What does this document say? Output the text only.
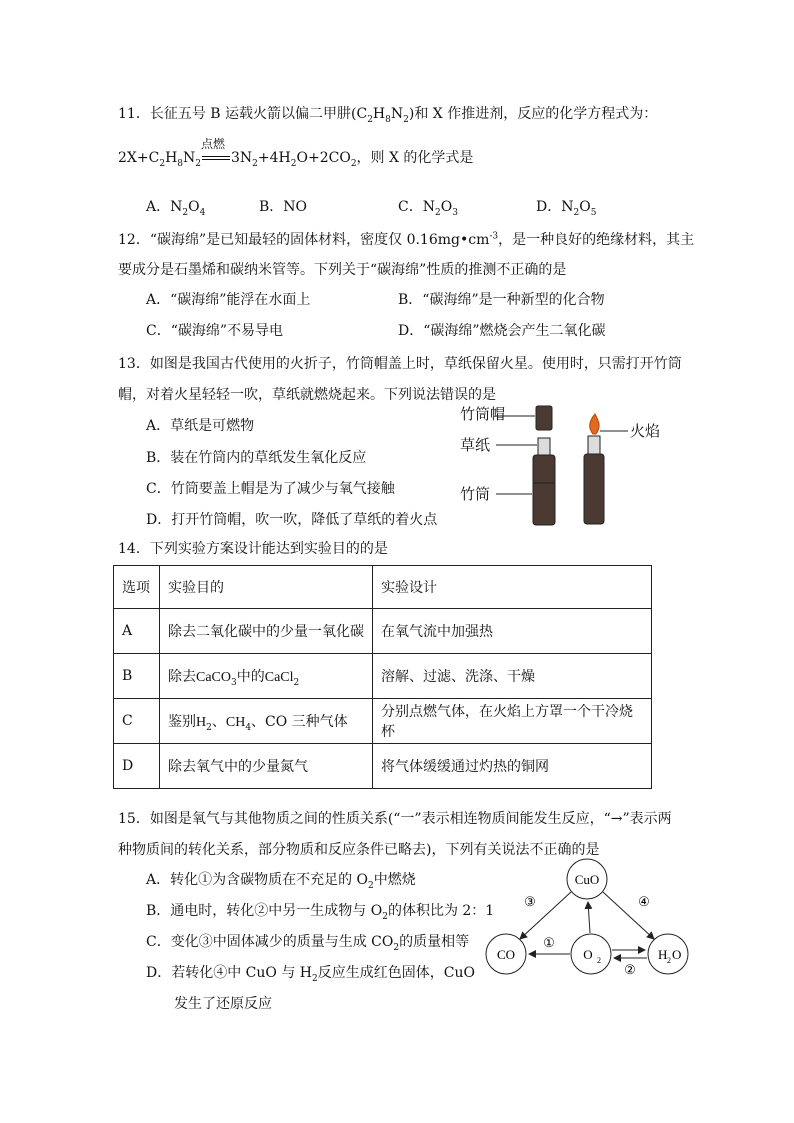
11．长征五号 B 运载火箭以偏二甲肼$(C_2H_8N_2)$和 X 作推进剂，反应的化学方程式为：
$2X+C_2H_8N_2$
点燃
$3N_2+4H_2O+2CO_2$，则 X 的化学式是
A．$N_2O_4$	B．NO	C．$N_2O_3$	D．$N_2O_5$
12．“碳海绵”是已知最轻的固体材料，密度仅 $0.16mg•cm^{-3}$，是一种良好的绝缘材料，其主
要成分是石墨烯和碳纳米管等。下列关于“碳海绵”性质的推测不正确的是
A．“碳海绵”能浮在水面上	B．“碳海绵”是一种新型的化合物
C．“碳海绵”不易导电	D．“碳海绵”燃烧会产生二氧化碳
13．如图是我国古代使用的火折子，竹筒帽盖上时，草纸保留火星。使用时，只需打开竹筒
帽，对着火星轻轻一吹，草纸就燃烧起来。下列说法错误的是
A．草纸是可燃物
B．装在竹筒内的草纸发生氧化反应
C．竹筒要盖上帽是为了减少与氧气接触
D．打开竹筒帽，吹一吹，降低了草纸的着火点
竹筒帽
草纸
竹筒
火焰
14．下列实验方案设计能达到实验目的的是
选项	实验目的	实验设计
A	除去二氧化碳中的少量一氧化碳	在氧气流中加强热
B	除去CaCO$_3$中的CaCl$_2$	溶解、过滤、洗涤、干燥
C	鉴别$H_2$、$CH_4$、CO 三种气体	分别点燃气体，在火焰上方罩一个干冷烧杯
D	除去氧气中的少量氮气	将气体缓缓通过灼热的铜网
15．如图是氧气与其他物质之间的性质关系(“一”表示相连物质间能发生反应，“→”表示两
种物质间的转化关系，部分物质和反应条件已略去)，下列有关说法不正确的是
A．转化①为含碳物质在不充足的 $O_2$中燃烧
B．通电时，转化②中另一生成物与 $O_2$的体积比为 2：1
C．变化③中固体减少的质量与生成 $CO_2$的质量相等
D．若转化④中 CuO 与 $H_2$反应生成红色固体，CuO
发生了还原反应
CuO
CO	O 2	H 2 O
①
②
③	④
